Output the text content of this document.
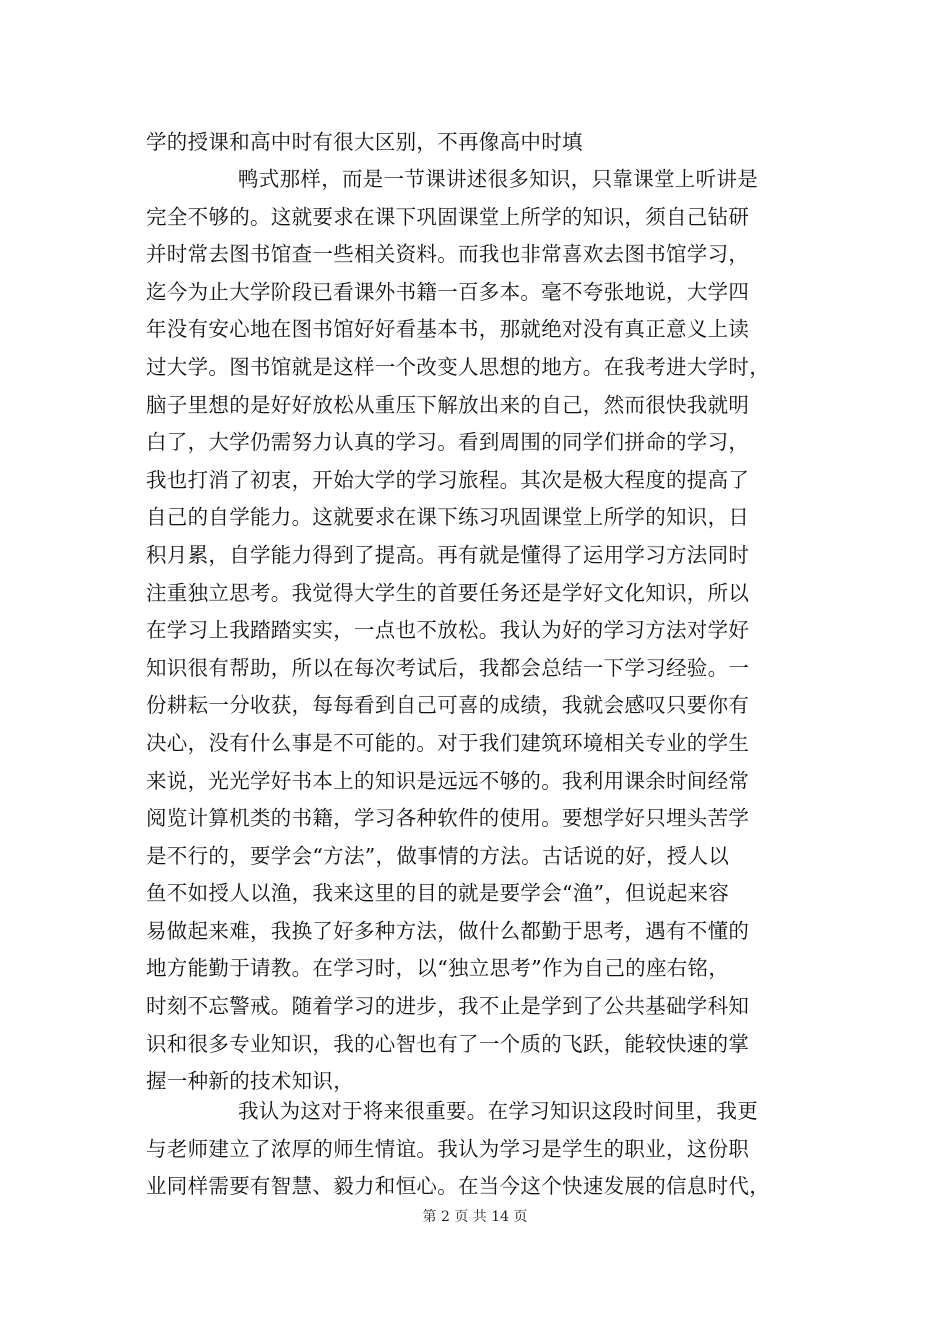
学的授课和高中时有很大区别，不再像高中时填
鸭式那样，而是一节课讲述很多知识，只靠课堂上听讲是
完全不够的。这就要求在课下巩固课堂上所学的知识，须自己钻研
并时常去图书馆查一些相关资料。而我也非常喜欢去图书馆学习，
迄今为止大学阶段已看课外书籍一百多本。毫不夸张地说，大学四
年没有安心地在图书馆好好看基本书，那就绝对没有真正意义上读
过大学。图书馆就是这样一个改变人思想的地方。在我考进大学时，
脑子里想的是好好放松从重压下解放出来的自己，然而很快我就明
白了，大学仍需努力认真的学习。看到周围的同学们拼命的学习，
我也打消了初衷，开始大学的学习旅程。其次是极大程度的提高了
自己的自学能力。这就要求在课下练习巩固课堂上所学的知识，日
积月累，自学能力得到了提高。再有就是懂得了运用学习方法同时
注重独立思考。我觉得大学生的首要任务还是学好文化知识，所以
在学习上我踏踏实实，一点也不放松。我认为好的学习方法对学好
知识很有帮助，所以在每次考试后，我都会总结一下学习经验。一
份耕耘一分收获，每每看到自己可喜的成绩，我就会感叹只要你有
决心，没有什么事是不可能的。对于我们建筑环境相关专业的学生
来说，光光学好书本上的知识是远远不够的。我利用课余时间经常
阅览计算机类的书籍，学习各种软件的使用。要想学好只埋头苦学
是不行的，要学会“方法”，做事情的方法。古话说的好，授人以
鱼不如授人以渔，我来这里的目的就是要学会“渔”，但说起来容
易做起来难，我换了好多种方法，做什么都勤于思考，遇有不懂的
地方能勤于请教。在学习时，以“独立思考”作为自己的座右铭，
时刻不忘警戒。随着学习的进步，我不止是学到了公共基础学科知
识和很多专业知识，我的心智也有了一个质的飞跃，能较快速的掌
握一种新的技术知识，
我认为这对于将来很重要。在学习知识这段时间里，我更
与老师建立了浓厚的师生情谊。我认为学习是学生的职业，这份职
业同样需要有智慧、毅力和恒心。在当今这个快速发展的信息时代，
第 2 页 共 14 页
